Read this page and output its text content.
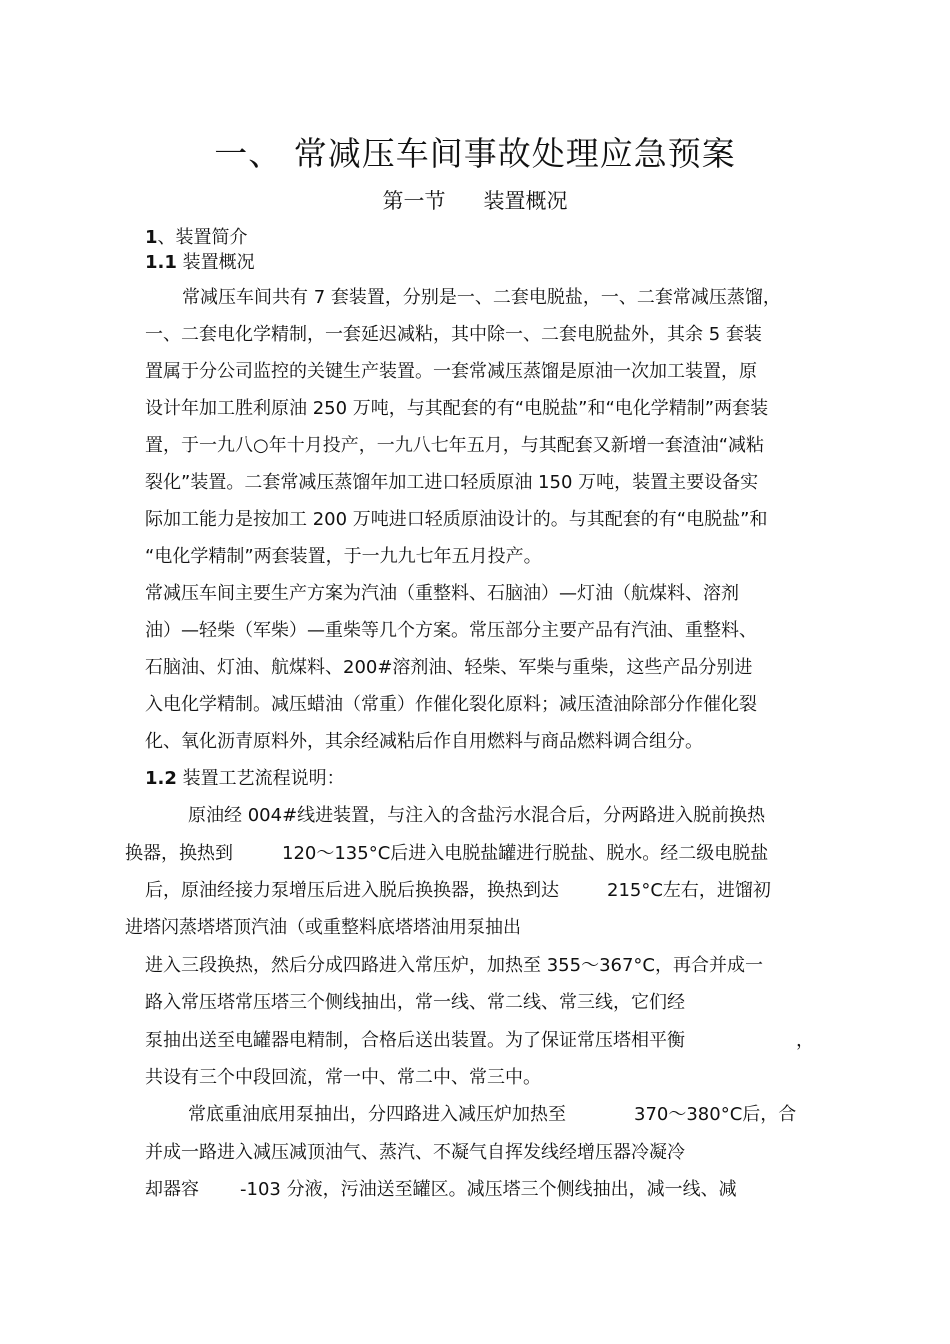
一、 常减压车间事故处理应急预案
第一节 装置概况
1、装置简介
1.1 装置概况
常减压车间共有 7 套装置，分别是一、二套电脱盐，一、二套常减压蒸馏，
一、二套电化学精制，一套延迟减粘，其中除一、二套电脱盐外，其余 5 套装
置属于分公司监控的关键生产装置。一套常减压蒸馏是原油一次加工装置，原
设计年加工胜利原油 250 万吨，与其配套的有“电脱盐”和“电化学精制”两套装
置，于一九八○年十月投产，一九八七年五月，与其配套又新增一套渣油“减粘
裂化”装置。二套常减压蒸馏年加工进口轻质原油 150 万吨，装置主要设备实
际加工能力是按加工 200 万吨进口轻质原油设计的。与其配套的有“电脱盐”和
“电化学精制”两套装置，于一九九七年五月投产。
常减压车间主要生产方案为汽油（重整料、石脑油）—灯油（航煤料、溶剂
油）—轻柴（军柴）—重柴等几个方案。常压部分主要产品有汽油、重整料、
石脑油、灯油、航煤料、200#溶剂油、轻柴、军柴与重柴，这些产品分别进
入电化学精制。减压蜡油（常重）作催化裂化原料；减压渣油除部分作催化裂
化、氧化沥青原料外，其余经减粘后作自用燃料与商品燃料调合组分。
1.2 装置工艺流程说明：
原油经 004#线进装置，与注入的含盐污水混合后，分两路进入脱前换热
换器，换热到	120～135°C后进入电脱盐罐进行脱盐、脱水。经二级电脱盐
后，原油经接力泵增压后进入脱后换换器，换热到达	215°C左右，进馏初
进塔闪蒸塔塔顶汽油（或重整料底塔塔油用泵抽出
进入三段换热，然后分成四路进入常压炉，加热至 355～367°C，再合并成一
路入常压塔常压塔三个侧线抽出，常一线、常二线、常三线，它们经
泵抽出送至电罐器电精制，合格后送出装置。为了保证常压塔相平衡	，
共设有三个中段回流，常一中、常二中、常三中。
常底重油底用泵抽出，分四路进入减压炉加热至	370～380°C后，合
并成一路进入减压减顶油气、蒸汽、不凝气自挥发线经增压器冷凝冷
却器容 -103 分液，污油送至罐区。减压塔三个侧线抽出，减一线、减
